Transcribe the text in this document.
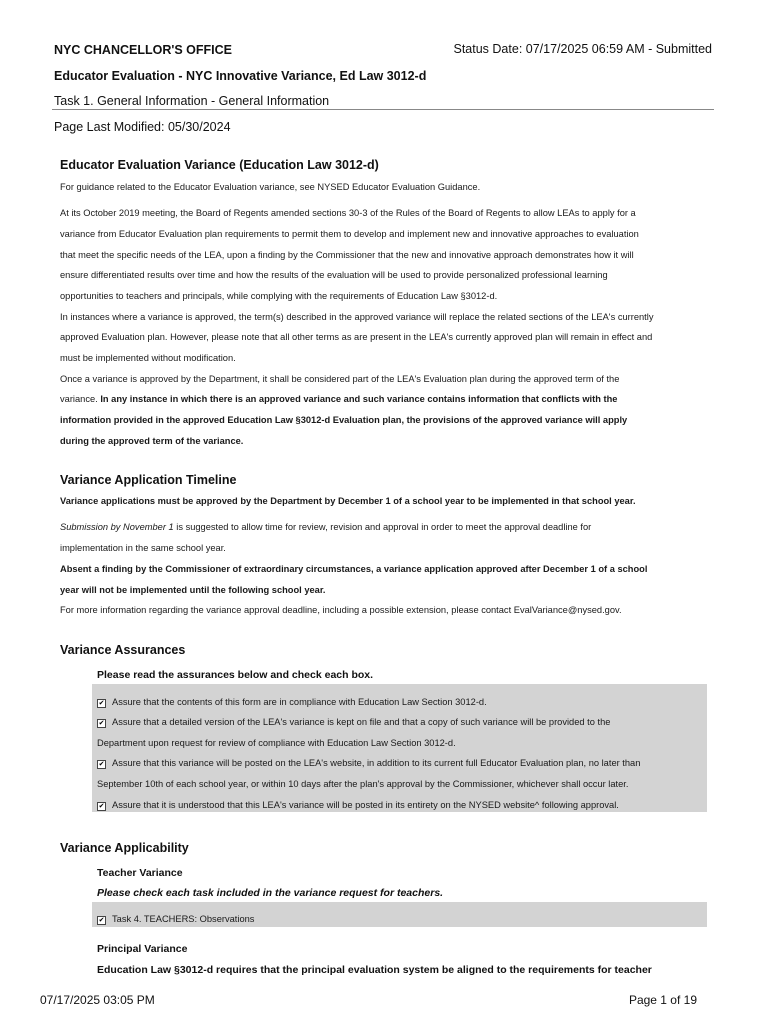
NYC CHANCELLOR'S OFFICE	Status Date: 07/17/2025 06:59 AM - Submitted
Educator Evaluation - NYC Innovative Variance, Ed Law 3012-d
Task 1. General Information - General Information
Page Last Modified: 05/30/2024
Educator Evaluation Variance (Education Law 3012-d)
For guidance related to the Educator Evaluation variance, see NYSED Educator Evaluation Guidance.
At its October 2019 meeting, the Board of Regents amended sections 30-3 of the Rules of the Board of Regents to allow LEAs to apply for a
variance from Educator Evaluation plan requirements to permit them to develop and implement new and innovative approaches to evaluation
that meet the specific needs of the LEA, upon a finding by the Commissioner that the new and innovative approach demonstrates how it will
ensure differentiated results over time and how the results of the evaluation will be used to provide personalized professional learning
opportunities to teachers and principals, while complying with the requirements of Education Law §3012-d.
In instances where a variance is approved, the term(s) described in the approved variance will replace the related sections of the LEA's currently
approved Evaluation plan. However, please note that all other terms as are present in the LEA's currently approved plan will remain in effect and
must be implemented without modification.
Once a variance is approved by the Department, it shall be considered part of the LEA's Evaluation plan during the approved term of the
variance. In any instance in which there is an approved variance and such variance contains information that conflicts with the
information provided in the approved Education Law §3012-d Evaluation plan, the provisions of the approved variance will apply
during the approved term of the variance.
Variance Application Timeline
Variance applications must be approved by the Department by December 1 of a school year to be implemented in that school year.
Submission by November 1 is suggested to allow time for review, revision and approval in order to meet the approval deadline for
implementation in the same school year.
Absent a finding by the Commissioner of extraordinary circumstances, a variance application approved after December 1 of a school
year will not be implemented until the following school year.
For more information regarding the variance approval deadline, including a possible extension, please contact EvalVariance@nysed.gov.
Variance Assurances
Please read the assurances below and check each box.
✔ Assure that the contents of this form are in compliance with Education Law Section 3012-d.
✔ Assure that a detailed version of the LEA's variance is kept on file and that a copy of such variance will be provided to the
Department upon request for review of compliance with Education Law Section 3012-d.
✔ Assure that this variance will be posted on the LEA's website, in addition to its current full Educator Evaluation plan, no later than
September 10th of each school year, or within 10 days after the plan's approval by the Commissioner, whichever shall occur later.
✔ Assure that it is understood that this LEA's variance will be posted in its entirety on the NYSED website^ following approval.
Variance Applicability
Teacher Variance
Please check each task included in the variance request for teachers.
✔ Task 4. TEACHERS: Observations
Principal Variance
Education Law §3012-d requires that the principal evaluation system be aligned to the requirements for teacher
07/17/2025 03:05 PM	Page 1 of 19
